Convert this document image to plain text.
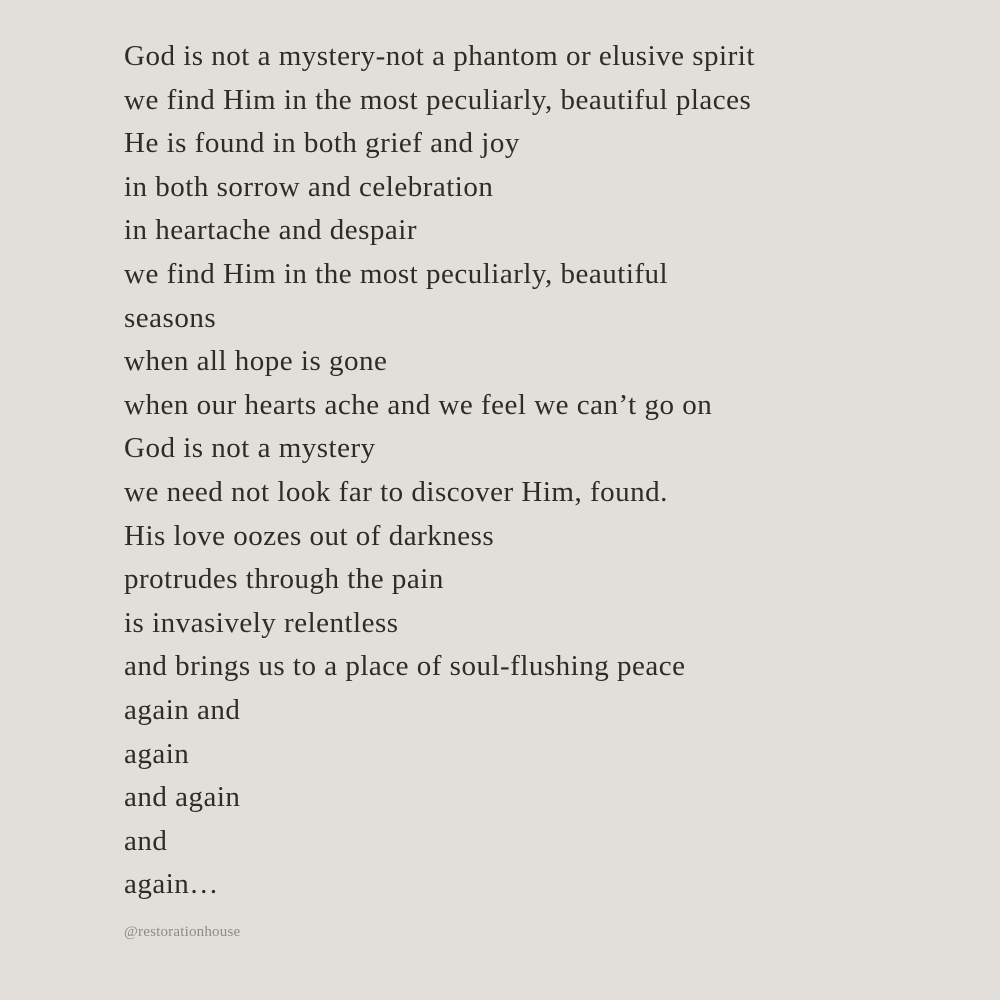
God is not a mystery-not a phantom or elusive spirit
we find Him in the most peculiarly, beautiful places
He is found in both grief and joy
in both sorrow and celebration
in heartache and despair
we find Him in the most peculiarly, beautiful
seasons
when all hope is gone
when our hearts ache and we feel we can’t go on
God is not a mystery
we need not look far to discover Him, found.
His love oozes out of darkness
protrudes through the pain
is invasively relentless
and brings us to a place of soul-flushing peace
again and
again
and again
and
again…
@restorationhouse
